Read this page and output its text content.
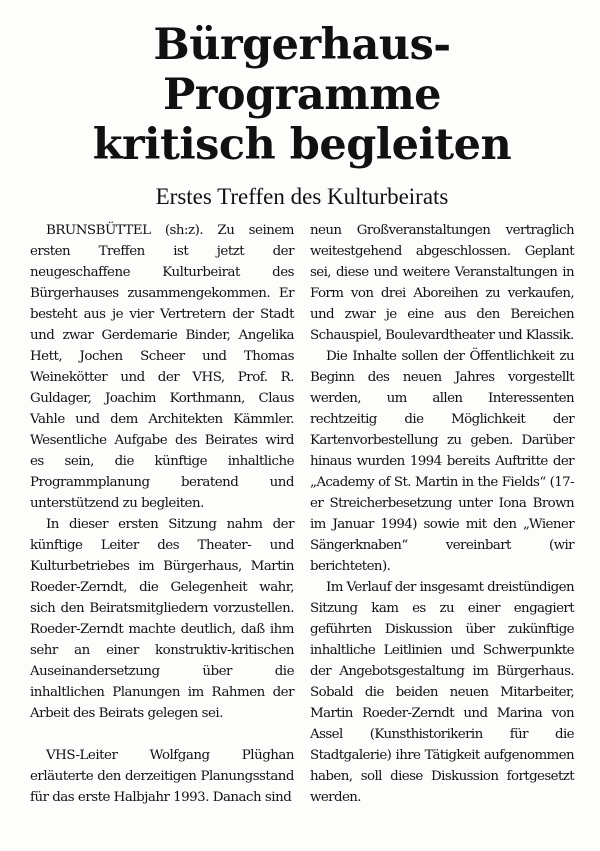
Bürgerhaus-Programme
kritisch begleiten
Erstes Treffen des Kulturbeirats

BRUNSBÜTTEL (sh:z). Zu seinem ersten Treffen ist jetzt der neugeschaffene Kulturbeirat des Bürgerhauses zusammengekommen. Er besteht aus je vier Vertretern der Stadt und zwar Gerdemarie Binder, Angelika Hett, Jochen Scheer und Thomas Weinekötter und der VHS, Prof. R. Guldager, Joachim Korthmann, Claus Vahle und dem Architekten Kämmler. Wesentliche Aufgabe des Beirates wird es sein, die künftige inhaltliche Programmplanung beratend und unterstützend zu begleiten.

In dieser ersten Sitzung nahm der künftige Leiter des Theater- und Kulturbetriebes im Bürgerhaus, Martin Roeder-Zerndt, die Gelegenheit wahr, sich den Beiratsmitgliedern vorzustellen. Roeder-Zerndt machte deutlich, daß ihm sehr an einer konstruktiv-kritischen Auseinandersetzung über die inhaltlichen Planungen im Rahmen der Arbeit des Beirats gelegen sei.

VHS-Leiter Wolfgang Plüghan erläuterte den derzeitigen Planungsstand für das erste Halbjahr 1993. Danach sind

neun Großveranstaltungen vertraglich weitestgehend abgeschlossen. Geplant sei, diese und weitere Veranstaltungen in Form von drei Aboreihen zu verkaufen, und zwar je eine aus den Bereichen Schauspiel, Boulevardtheater und Klassik.

Die Inhalte sollen der Öffentlichkeit zu Beginn des neuen Jahres vorgestellt werden, um allen Interessenten rechtzeitig die Möglichkeit der Kartenvorbestellung zu geben. Darüber hinaus wurden 1994 bereits Auftritte der „Academy of St. Martin in the Fields“ (17-er Streicherbesetzung unter Iona Brown im Januar 1994) sowie mit den „Wiener Sängerknaben“ vereinbart (wir berichteten).

Im Verlauf der insgesamt dreistündigen Sitzung kam es zu einer engagiert geführten Diskussion über zukünftige inhaltliche Leitlinien und Schwerpunkte der Angebotsgestaltung im Bürgerhaus. Sobald die beiden neuen Mitarbeiter, Martin Roeder-Zerndt und Marina von Assel (Kunsthistorikerin für die Stadtgalerie) ihre Tätigkeit aufgenommen haben, soll diese Diskussion fortgesetzt werden.
